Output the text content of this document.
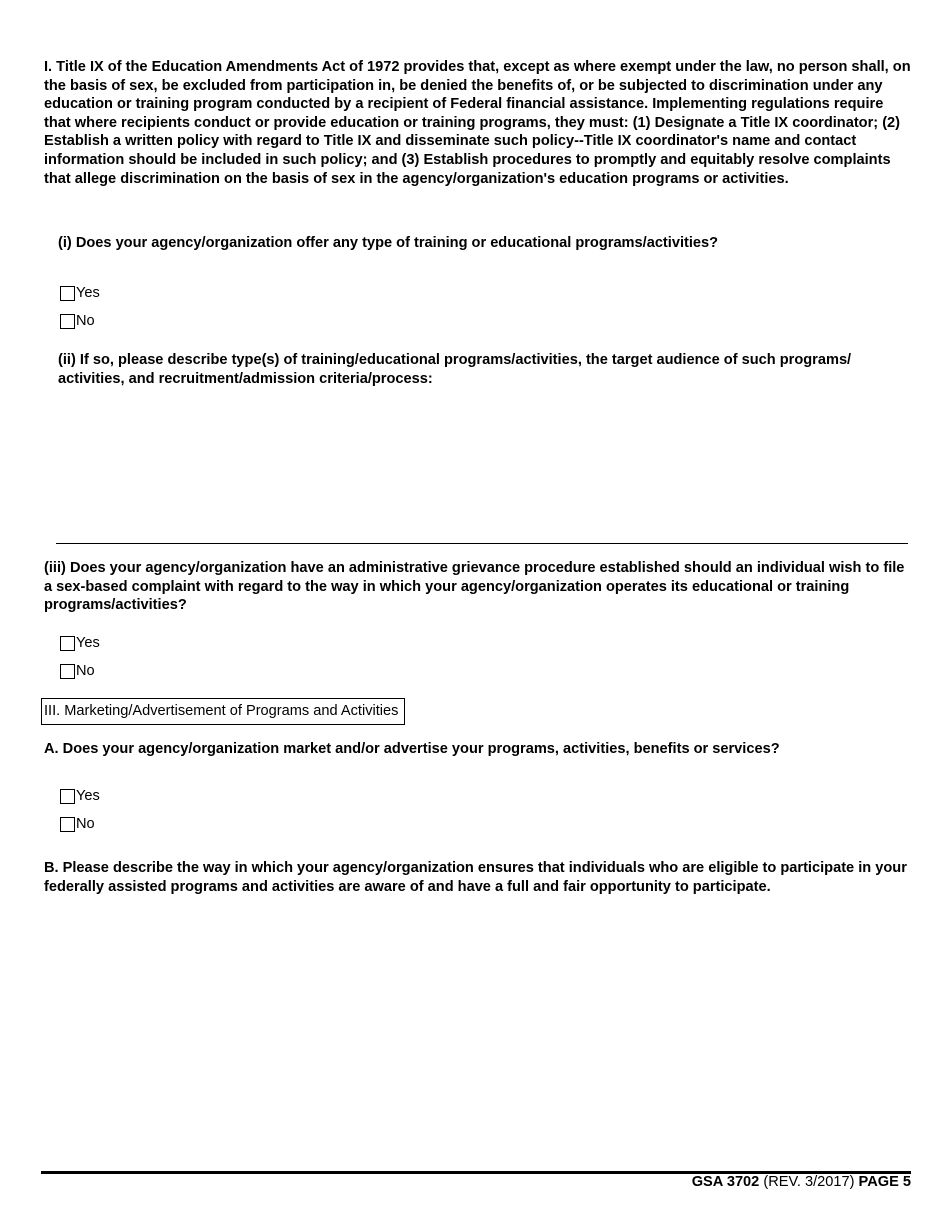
I. Title IX of the Education Amendments Act of 1972 provides that, except as where exempt under the law, no person shall, on the basis of sex, be excluded from participation in, be denied the benefits of, or be subjected to discrimination under any education or training program conducted by a recipient of Federal financial assistance. Implementing regulations require that where recipients conduct or provide education or training programs, they must: (1) Designate a Title IX coordinator; (2) Establish a written policy with regard to Title IX and disseminate such policy--Title IX coordinator's name and contact information should be included in such policy; and (3) Establish procedures to promptly and equitably resolve complaints that allege discrimination on the basis of sex in the agency/organization's education programs or activities.
(i) Does your agency/organization offer any type of training or educational programs/activities?
Yes
No
(ii) If so, please describe type(s) of training/educational programs/activities, the target audience of such programs/ activities, and recruitment/admission criteria/process:
(iii) Does your agency/organization have an administrative grievance procedure established should an individual wish to file a sex-based complaint with regard to the way in which your agency/organization operates its educational or training programs/activities?
Yes
No
III. Marketing/Advertisement of Programs and Activities
A. Does your agency/organization market and/or advertise your programs, activities, benefits or services?
Yes
No
B. Please describe the way in which your agency/organization ensures that individuals who are eligible to participate in your federally assisted programs and activities are aware of and have a full and fair opportunity to participate.
GSA 3702 (REV. 3/2017) PAGE 5
